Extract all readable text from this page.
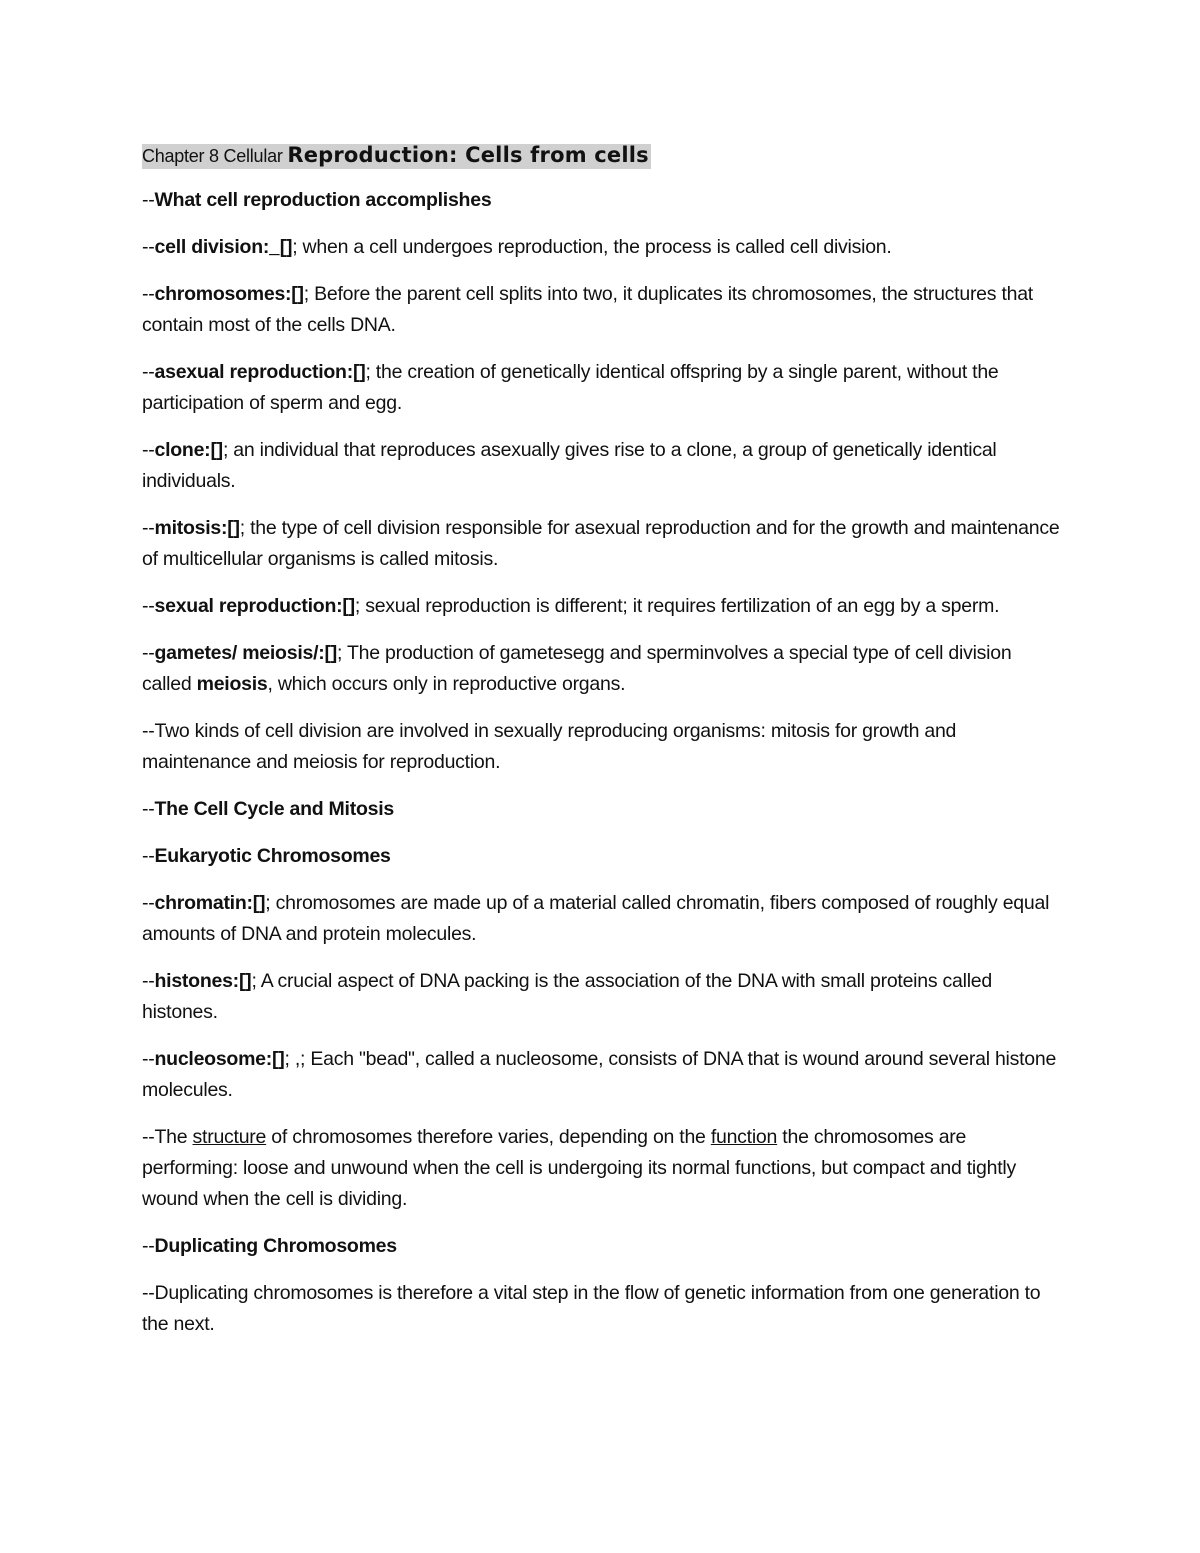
Chapter 8 Cellular Reproduction: Cells from cells
--What cell reproduction accomplishes
--cell division:_[]; when a cell undergoes reproduction, the process is called cell division.
--chromosomes:[]; Before the parent cell splits into two, it duplicates its chromosomes, the structures that contain most of the cells DNA.
--asexual reproduction:[]; the creation of genetically identical offspring by a single parent, without the participation of sperm and egg.
--clone:[]; an individual that reproduces asexually gives rise to a clone, a group of genetically identical individuals.
--mitosis:[]; the type of cell division responsible for asexual reproduction and for the growth and maintenance of multicellular organisms is called mitosis.
--sexual reproduction:[]; sexual reproduction is different; it requires fertilization of an egg by a sperm.
--gametes/ meiosis/:[]; The production of gametesegg and sperminvolves a special type of cell division called meiosis, which occurs only in reproductive organs.
--Two kinds of cell division are involved in sexually reproducing organisms: mitosis for growth and maintenance and meiosis for reproduction.
--The Cell Cycle and Mitosis
--Eukaryotic Chromosomes
--chromatin:[]; chromosomes are made up of a material called chromatin, fibers composed of roughly equal amounts of DNA and protein molecules.
--histones:[]; A crucial aspect of DNA packing is the association of the DNA with small proteins called histones.
--nucleosome:[]; ,; Each "bead", called a nucleosome, consists of DNA that is wound around several histone molecules.
--The structure of chromosomes therefore varies, depending on the function the chromosomes are performing: loose and unwound when the cell is undergoing its normal functions, but compact and tightly wound when the cell is dividing.
--Duplicating Chromosomes
--Duplicating chromosomes is therefore a vital step in the flow of genetic information from one generation to the next.
